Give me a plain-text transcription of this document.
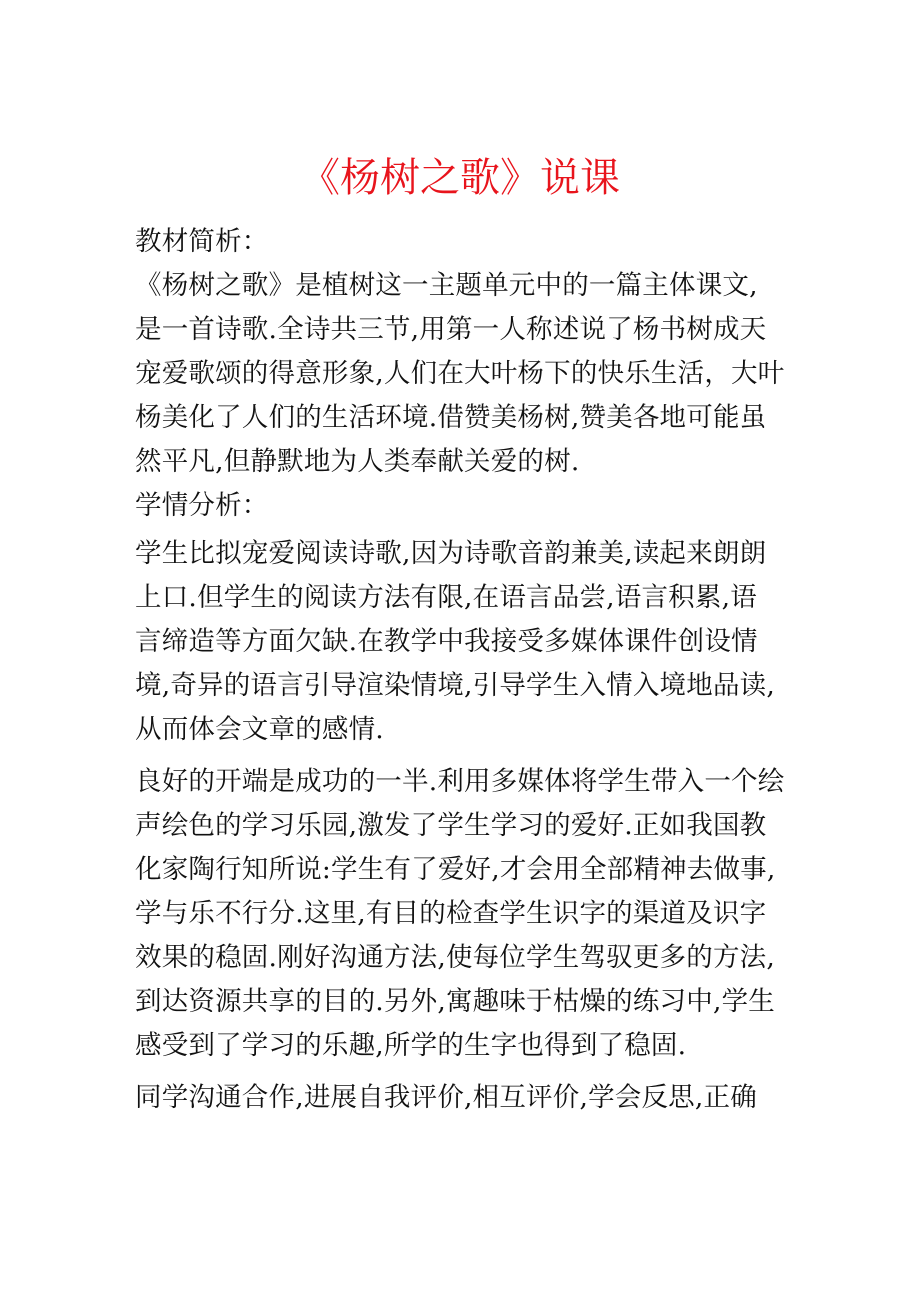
《杨树之歌》说课
教材简析：
《杨树之歌》是植树这一主题单元中的一篇主体课文,
是一首诗歌.全诗共三节,用第一人称述说了杨书树成天
宠爱歌颂的得意形象,人们在大叶杨下的快乐生活，大叶
杨美化了人们的生活环境.借赞美杨树,赞美各地可能虽
然平凡,但静默地为人类奉献关爱的树.
学情分析：
学生比拟宠爱阅读诗歌,因为诗歌音韵兼美,读起来朗朗
上口.但学生的阅读方法有限,在语言品尝,语言积累,语
言缔造等方面欠缺.在教学中我接受多媒体课件创设情
境,奇异的语言引导渲染情境,引导学生入情入境地品读,
从而体会文章的感情.
良好的开端是成功的一半.利用多媒体将学生带入一个绘
声绘色的学习乐园,激发了学生学习的爱好.正如我国教
化家陶行知所说:学生有了爱好,才会用全部精神去做事,
学与乐不行分.这里,有目的检查学生识字的渠道及识字
效果的稳固.刚好沟通方法,使每位学生驾驭更多的方法,
到达资源共享的目的.另外,寓趣味于枯燥的练习中,学生
感受到了学习的乐趣,所学的生字也得到了稳固.
同学沟通合作,进展自我评价,相互评价,学会反思,正确
